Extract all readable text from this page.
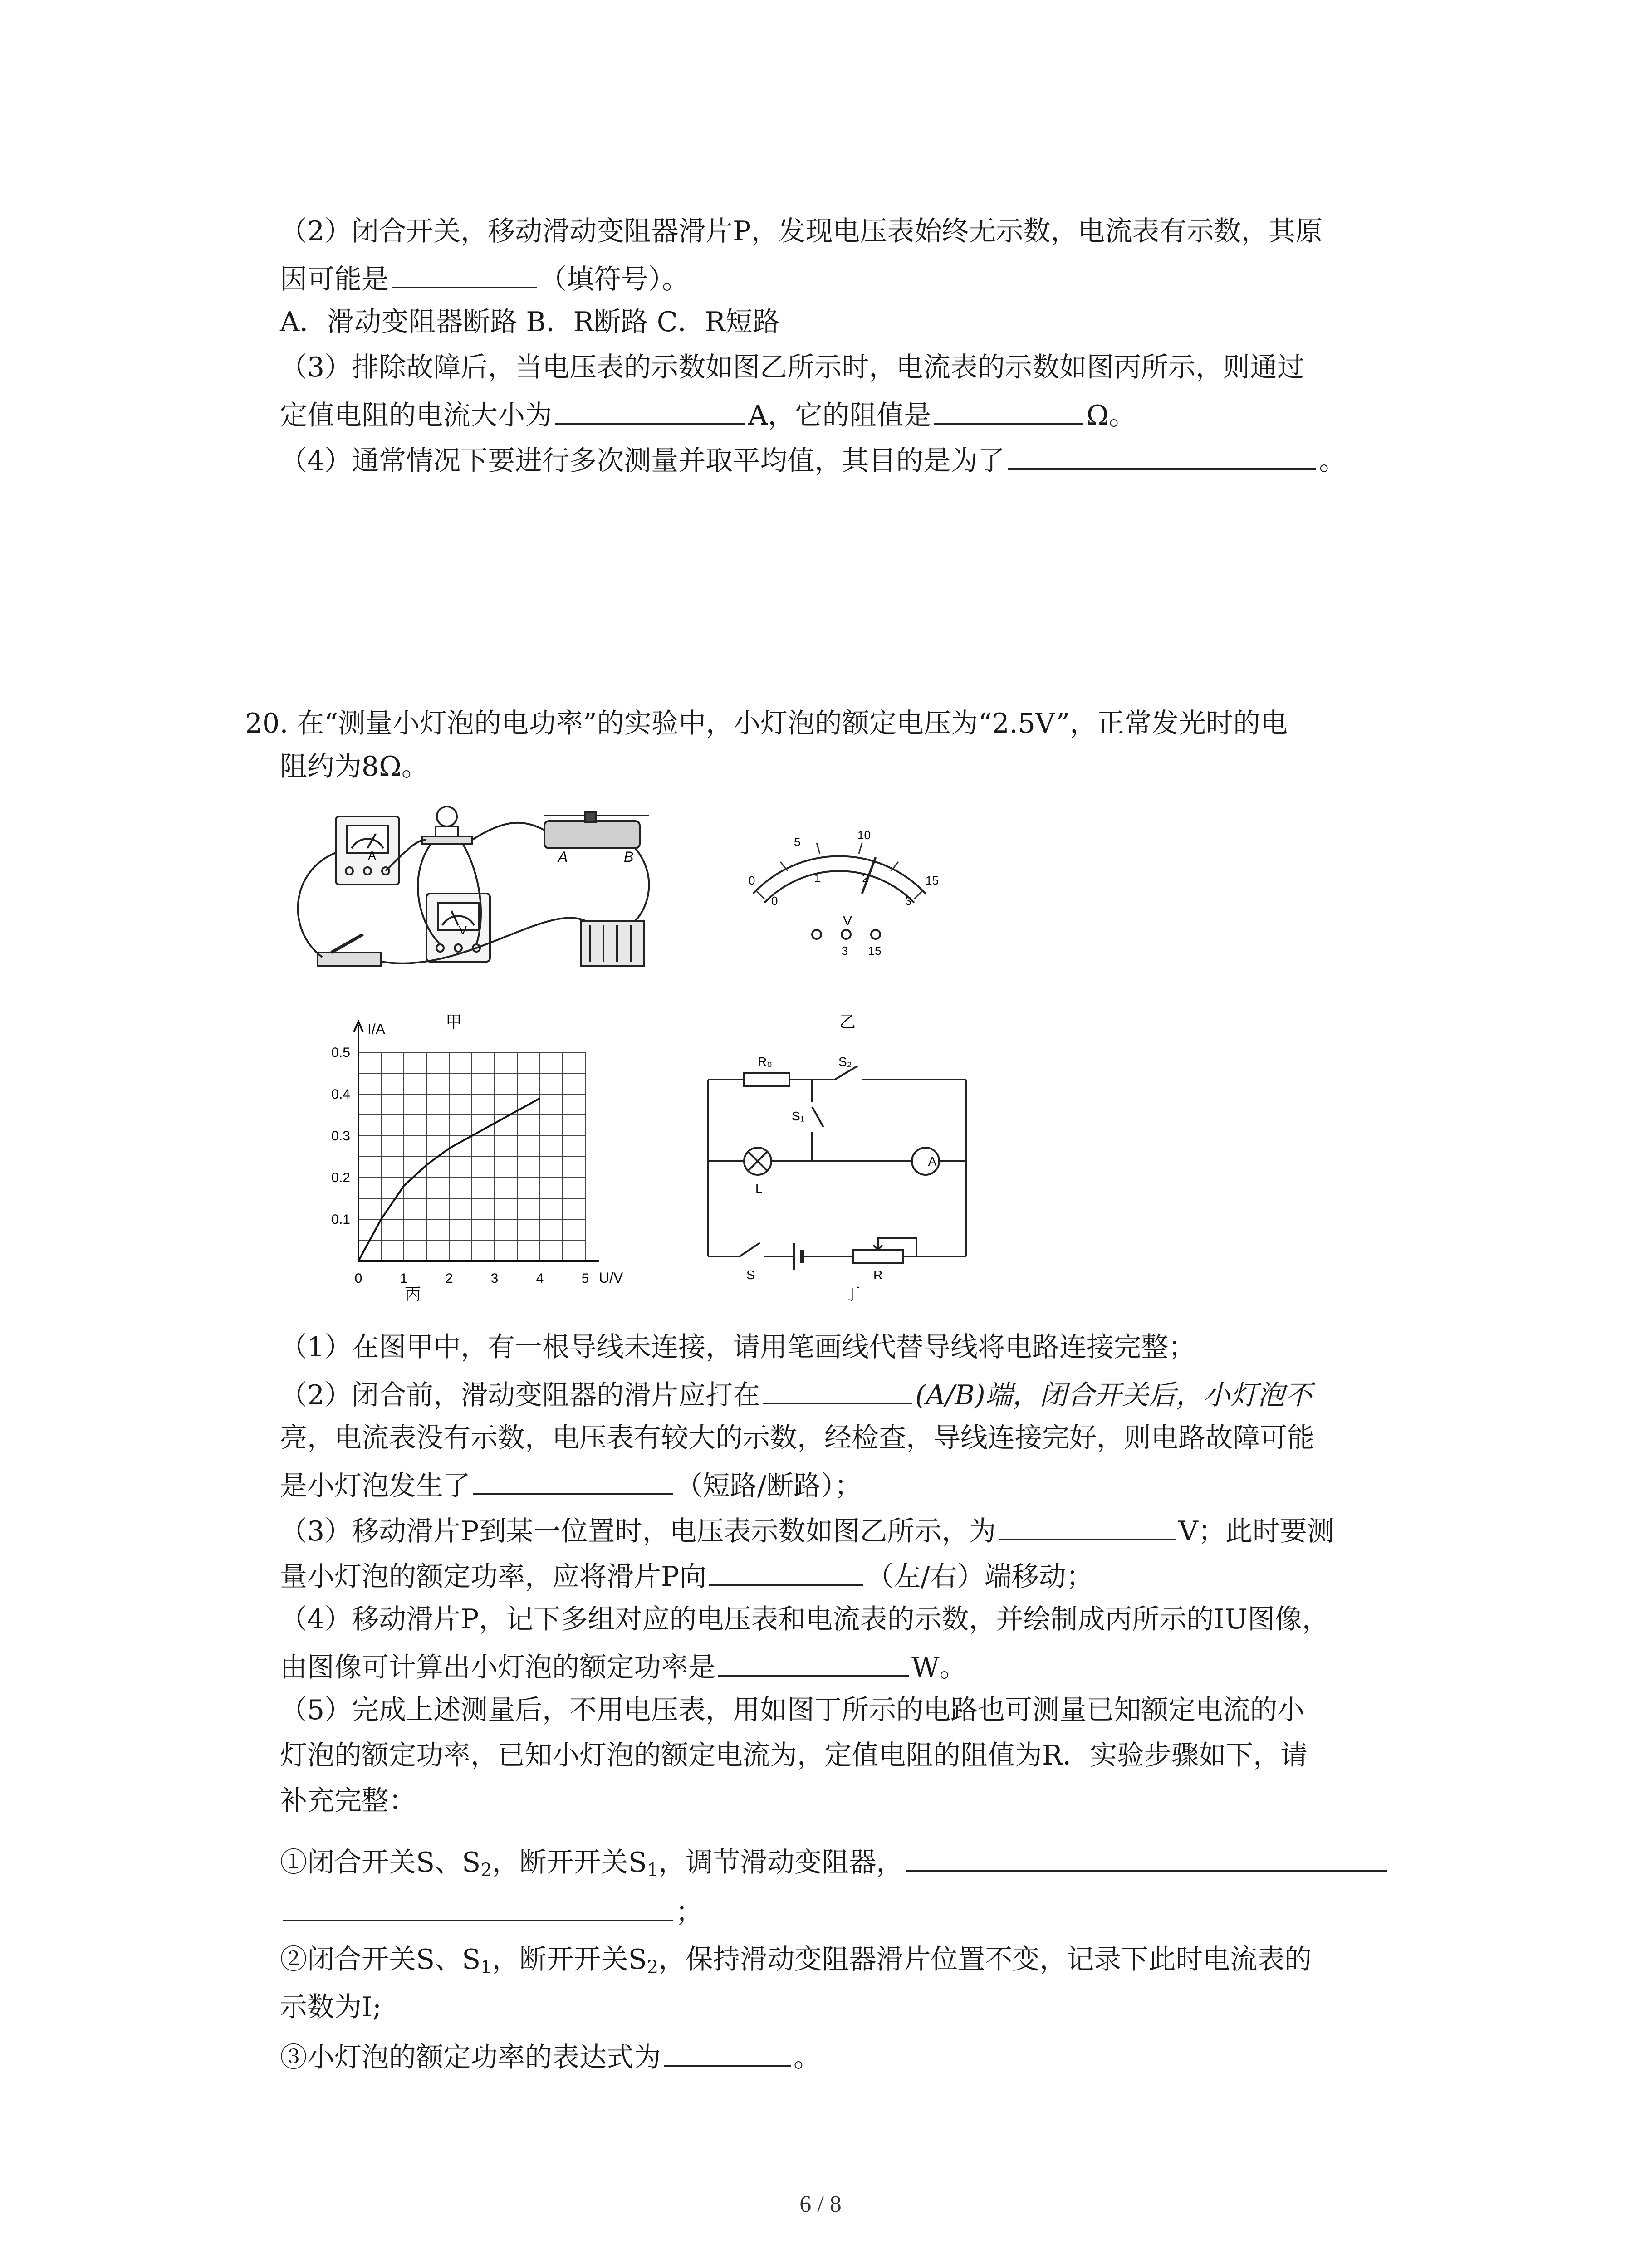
（2）闭合开关，移动滑动变阻器滑片P，发现电压表始终无示数，电流表有示数，其原
因可能是	（填符号）。
A．滑动变阻器断路 B．R断路 C．R短路
（3）排除故障后，当电压表的示数如图乙所示时，电流表的示数如图丙所示，则通过
定值电阻的电流大小为	A，它的阻值是	Ω。
（4）通常情况下要进行多次测量并取平均值，其目的是为了	。
20. 在“测量小灯泡的电功率”的实验中，小灯泡的额定电压为“2.5V”，正常发光时的电
阻约为8Ω。
A
V
A	B
甲
0
5	10
15
0
1	2
3
V
3 15
乙
0.1
0.2
0.3
0.4
0.5
0	1	2	3	4	5
I/A
U/V
丙
A
R₀	S₂
S₁
L
S	R
丁
（1）在图甲中，有一根导线未连接，请用笔画线代替导线将电路连接完整；
（2）闭合前，滑动变阻器的滑片应打在	(A/B)端，闭合开关后，小灯泡不
亮，电流表没有示数，电压表有较大的示数，经检查，导线连接完好，则电路故障可能
是小灯泡发生了	（短路/断路）；
（3）移动滑片P到某一位置时，电压表示数如图乙所示，为	V；此时要测
量小灯泡的额定功率，应将滑片P向	（左/右）端移动；
（4）移动滑片P，记下多组对应的电压表和电流表的示数，并绘制成丙所示的IU图像，
由图像可计算出小灯泡的额定功率是	W。
（5）完成上述测量后，不用电压表，用如图丁所示的电路也可测量已知额定电流的小
灯泡的额定功率，已知小灯泡的额定电流为，定值电阻的阻值为R．实验步骤如下，请
补充完整：
①闭合开关S、$S_2$，断开开关$S_1$，调节滑动变阻器，
；
②闭合开关S、$S_1$，断开开关$S_2$，保持滑动变阻器滑片位置不变，记录下此时电流表的
示数为I;
③小灯泡的额定功率的表达式为	。
6 / 8
